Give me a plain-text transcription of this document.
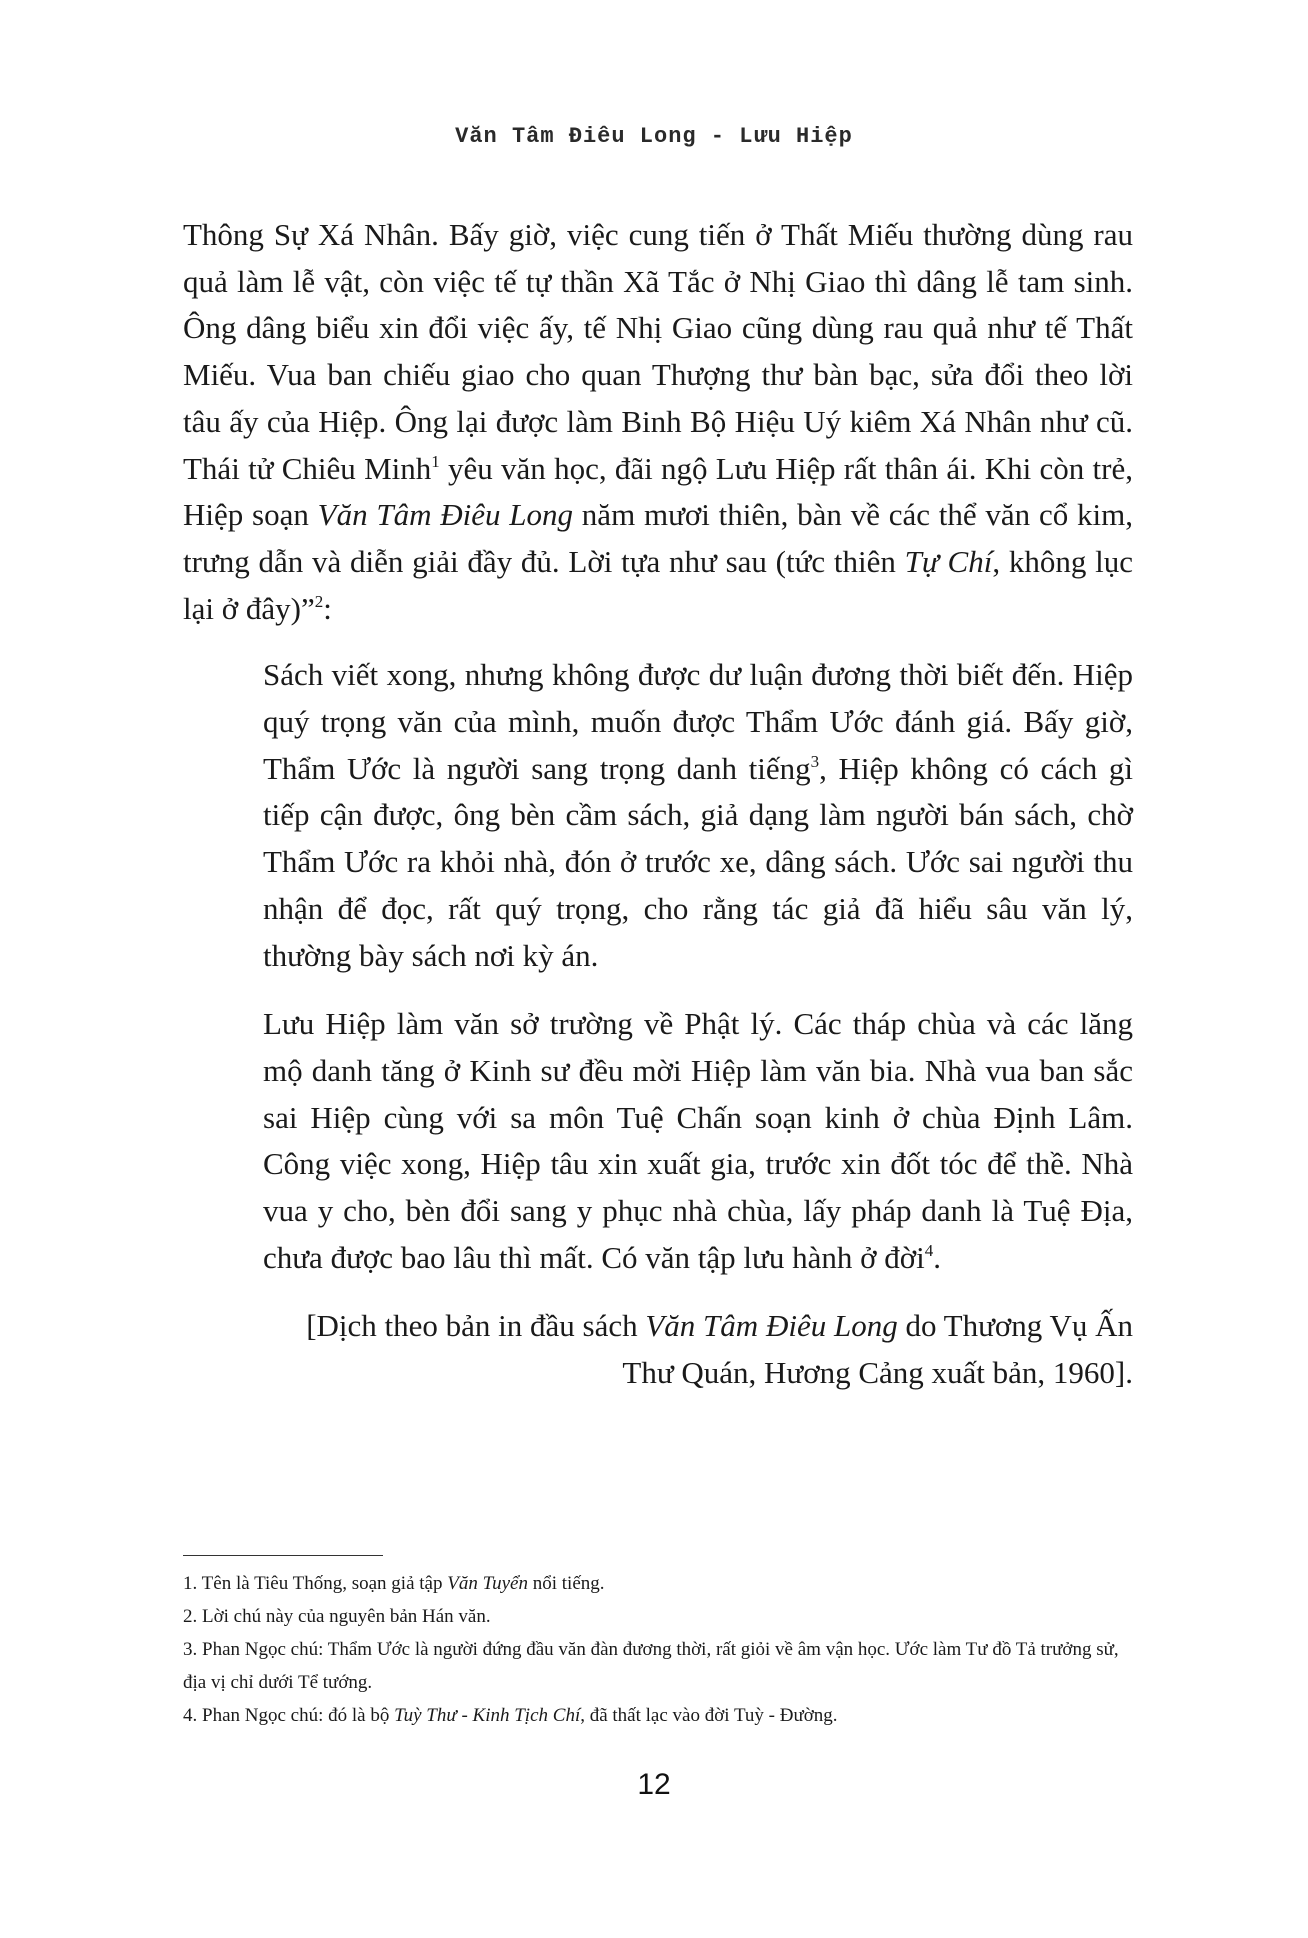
Văn Tâm Điêu Long - Lưu Hiệp

Thông Sự Xá Nhân. Bấy giờ, việc cung tiến ở Thất Miếu thường dùng rau quả làm lễ vật, còn việc tế tự thần Xã Tắc ở Nhị Giao thì dâng lễ tam sinh. Ông dâng biểu xin đổi việc ấy, tế Nhị Giao cũng dùng rau quả như tế Thất Miếu. Vua ban chiếu giao cho quan Thượng thư bàn bạc, sửa đổi theo lời tâu ấy của Hiệp. Ông lại được làm Binh Bộ Hiệu Uý kiêm Xá Nhân như cũ. Thái tử Chiêu Minh$^1$ yêu văn học, đãi ngộ Lưu Hiệp rất thân ái. Khi còn trẻ, Hiệp soạn Văn Tâm Điêu Long năm mươi thiên, bàn về các thể văn cổ kim, trưng dẫn và diễn giải đầy đủ. Lời tựa như sau (tức thiên Tự Chí, không lục lại ở đây)”$^2$:

Sách viết xong, nhưng không được dư luận đương thời biết đến. Hiệp quý trọng văn của mình, muốn được Thẩm Ước đánh giá. Bấy giờ, Thẩm Ước là người sang trọng danh tiếng$^3$, Hiệp không có cách gì tiếp cận được, ông bèn cầm sách, giả dạng làm người bán sách, chờ Thẩm Ước ra khỏi nhà, đón ở trước xe, dâng sách. Ước sai người thu nhận để đọc, rất quý trọng, cho rằng tác giả đã hiểu sâu văn lý, thường bày sách nơi kỳ án.

Lưu Hiệp làm văn sở trường về Phật lý. Các tháp chùa và các lăng mộ danh tăng ở Kinh sư đều mời Hiệp làm văn bia. Nhà vua ban sắc sai Hiệp cùng với sa môn Tuệ Chấn soạn kinh ở chùa Định Lâm. Công việc xong, Hiệp tâu xin xuất gia, trước xin đốt tóc để thề. Nhà vua y cho, bèn đổi sang y phục nhà chùa, lấy pháp danh là Tuệ Địa, chưa được bao lâu thì mất. Có văn tập lưu hành ở đời$^4$.

[Dịch theo bản in đầu sách Văn Tâm Điêu Long do Thương Vụ Ấn
Thư Quán, Hương Cảng xuất bản, 1960].

1. Tên là Tiêu Thống, soạn giả tập Văn Tuyển nổi tiếng.

2. Lời chú này của nguyên bản Hán văn.

3. Phan Ngọc chú: Thẩm Ước là người đứng đầu văn đàn đương thời, rất giỏi về âm vận học. Ước làm Tư đồ Tả trưởng sử, địa vị chỉ dưới Tể tướng.

4. Phan Ngọc chú: đó là bộ Tuỳ Thư - Kinh Tịch Chí, đã thất lạc vào đời Tuỳ - Đường.

12
